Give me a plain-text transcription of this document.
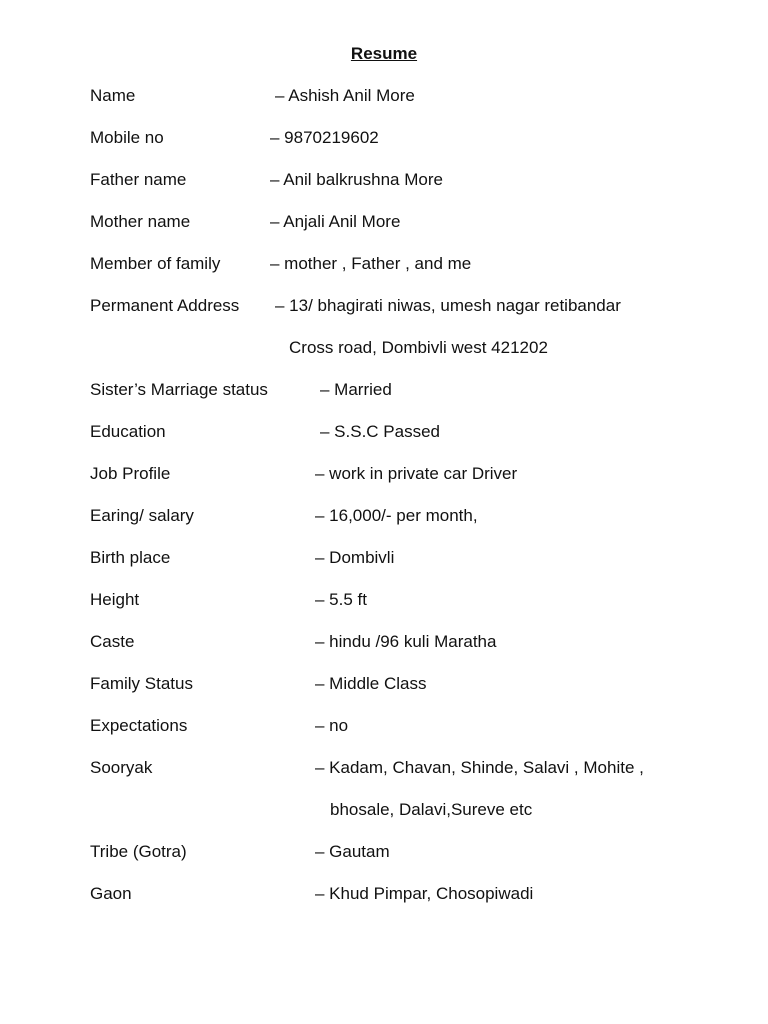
Resume
Name	– Ashish Anil More
Mobile no	– 9870219602
Father name	– Anil balkrushna More
Mother name	– Anjali Anil More
Member of family	– mother , Father , and me
Permanent Address – 13/ bhagirati niwas, umesh nagar retibandar
Cross road, Dombivli west 421202
Sister’s Marriage status	– Married
Education	– S.S.C Passed
Job Profile	– work in private car Driver
Earing/ salary	– 16,000/- per month,
Birth place	– Dombivli
Height	– 5.5 ft
Caste	– hindu /96 kuli Maratha
Family Status	– Middle Class
Expectations	– no
Sooryak	– Kadam, Chavan, Shinde, Salavi , Mohite ,
bhosale, Dalavi,Sureve etc
Tribe (Gotra)	– Gautam
Gaon	– Khud Pimpar, Chosopiwadi
